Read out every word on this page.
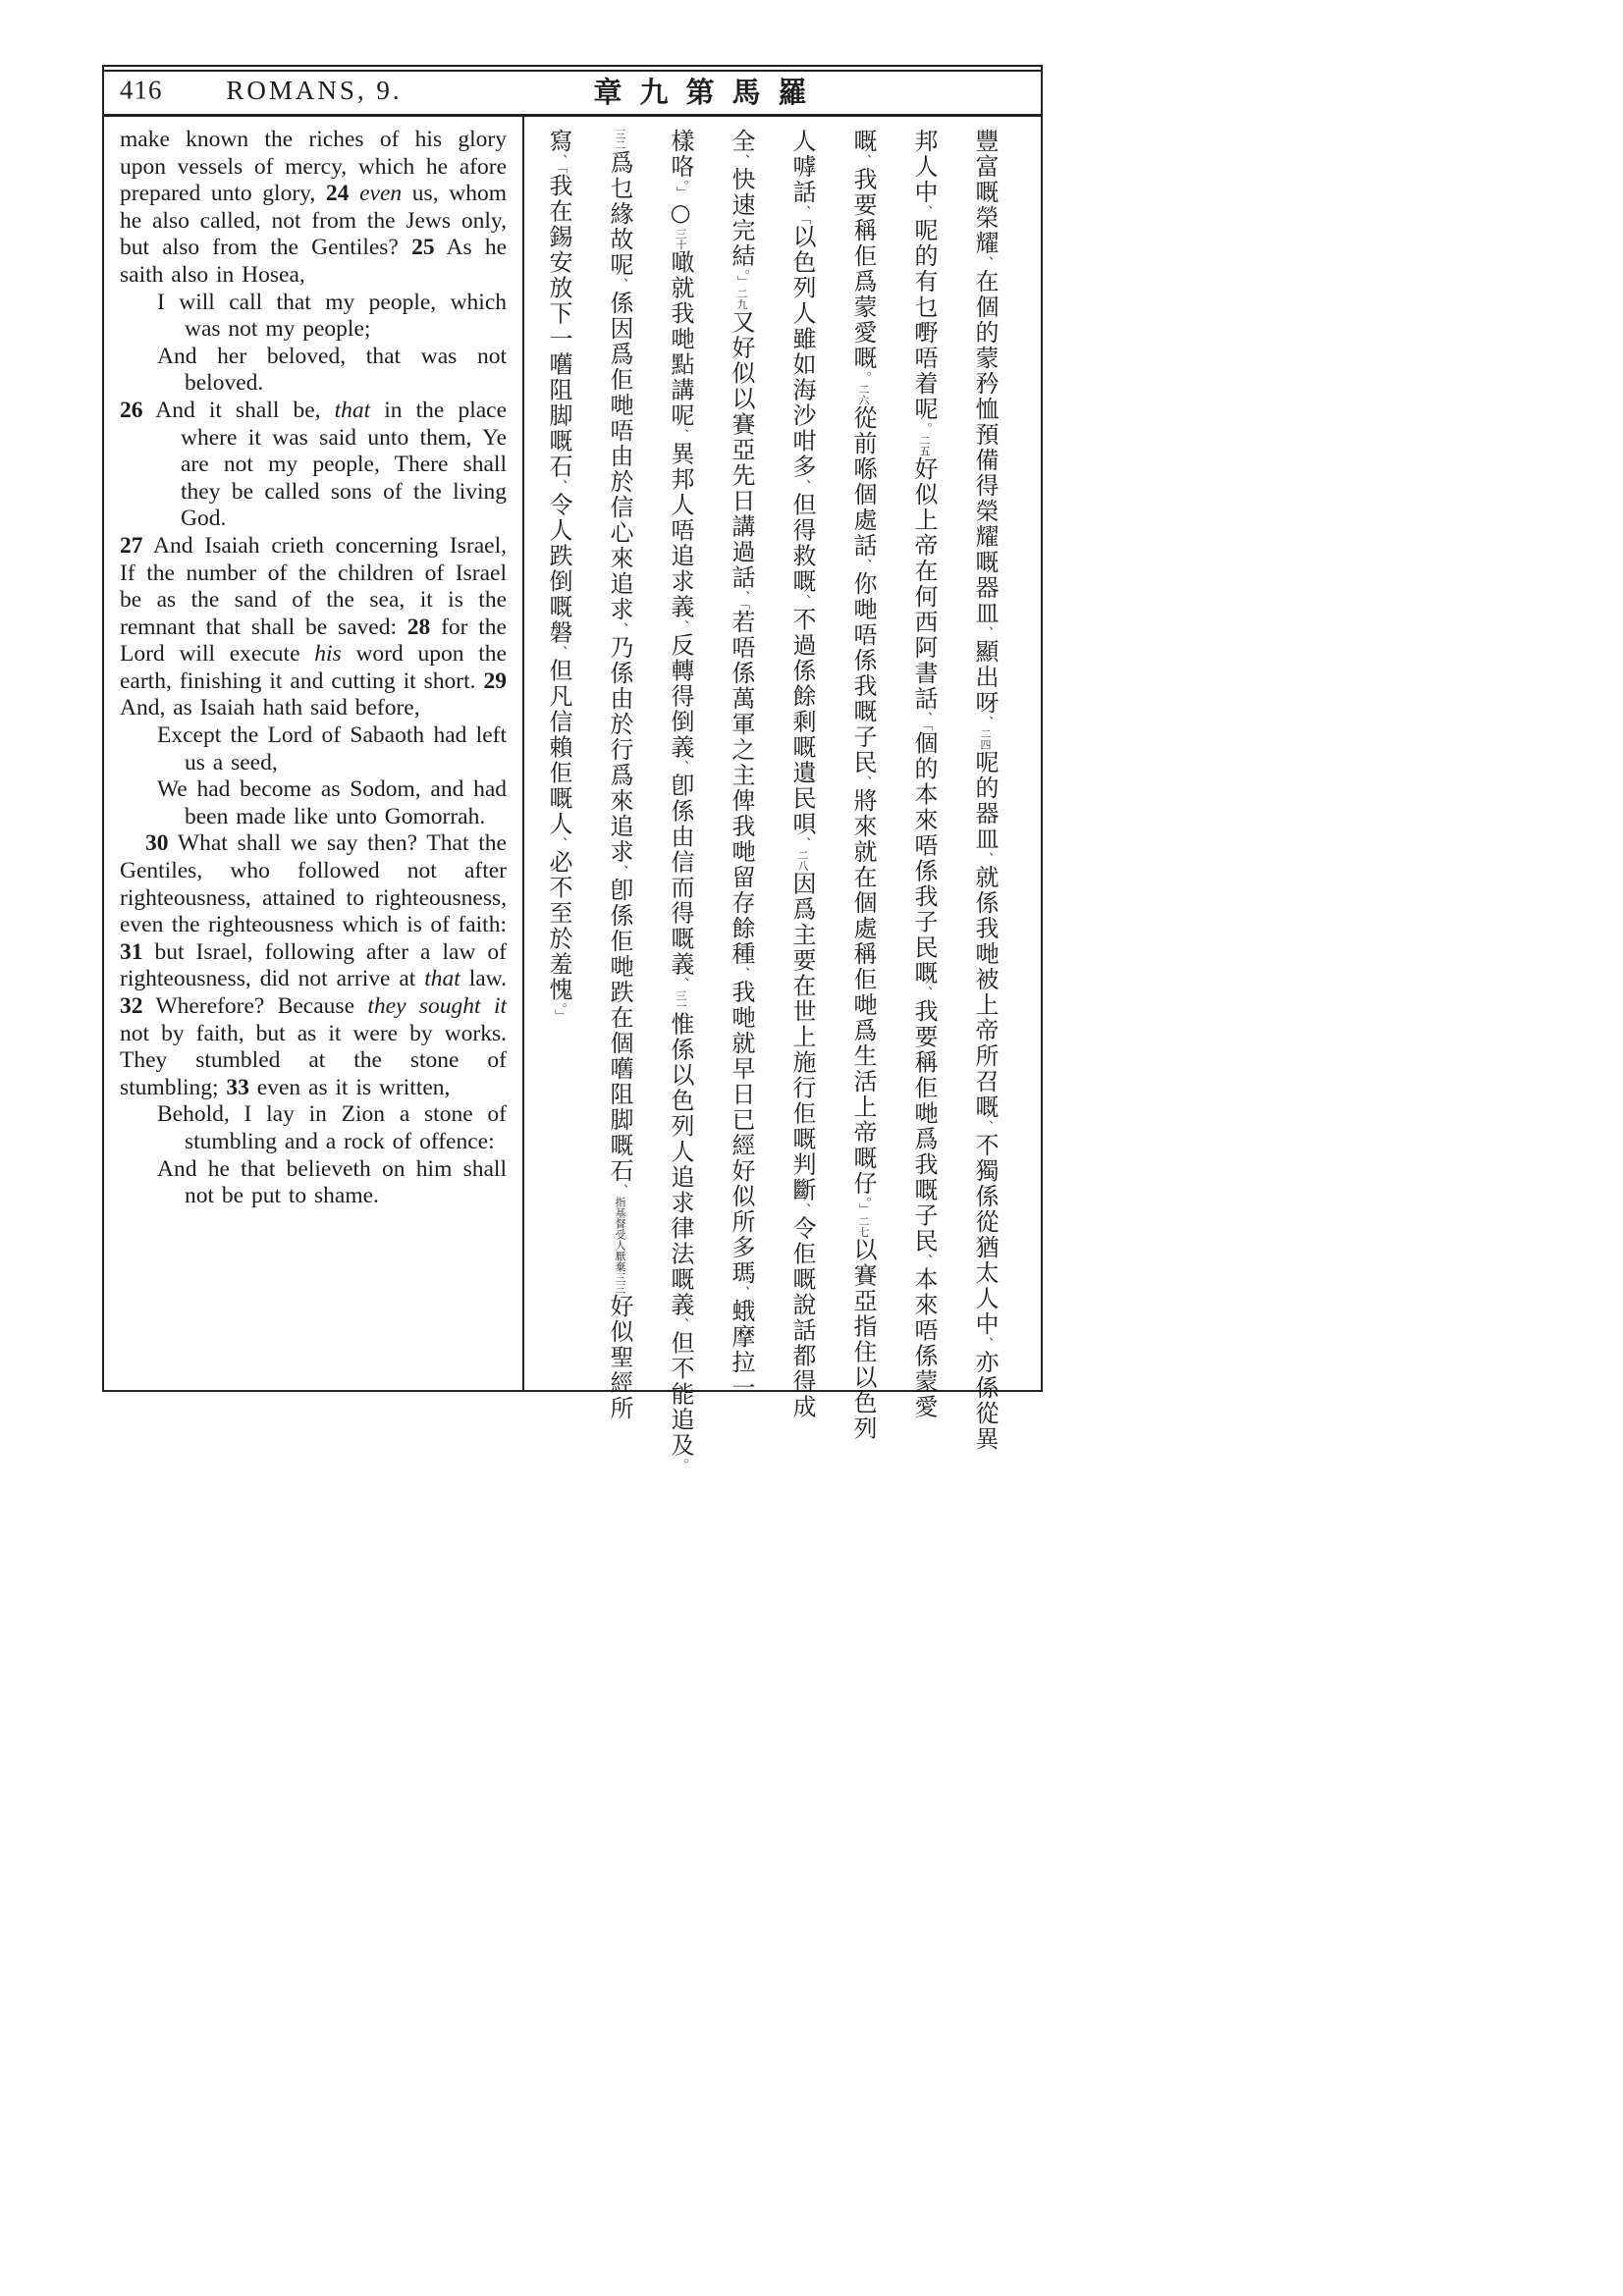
416 ROMANS, 9.	章九第馬羅

make known the riches of his glory upon vessels of mercy, which he afore prepared unto glory, 24 even us, whom he also called, not from the Jews only, but also from the Gentiles? 25 As he saith also in Hosea,

I will call that my people, which was not my people;

And her beloved, that was not beloved.

26 And it shall be, that in the place where it was said unto them, Ye are not my people, There shall they be called sons of the living God.

27 And Isaiah crieth concerning Israel, If the number of the children of Israel be as the sand of the sea, it is the remnant that shall be saved: 28 for the Lord will execute his word upon the earth, finishing it and cutting it short. 29 And, as Isaiah hath said before,

Except the Lord of Sabaoth had left us a seed,

We had become as Sodom, and had been made like unto Gomorrah.

30 What shall we say then? That the Gentiles, who followed not after righteousness, attained to righteousness, even the righteousness which is of faith: 31 but Israel, following after a law of righteousness, did not arrive at that law. 32 Wherefore? Because they sought it not by faith, but as it were by works. They stumbled at the stone of stumbling; 33 even as it is written,

Behold, I lay in Zion a stone of stumbling and a rock of offence:

And he that believeth on him shall not be put to shame.

豐富嘅榮耀、在個的蒙矜恤預備得榮耀嘅器皿、顯出呀、二四呢的器皿、就係我哋被上帝所召嘅、不獨係從猶太人中、亦係從異
邦人中、呢的有乜嘢唔着呢。二五好似上帝在何西阿書話、「個的本來唔係我子民嘅、我要稱佢哋爲我嘅子民、本來唔係蒙愛
嘅、我要稱佢爲蒙愛嘅。二六從前喺個處話、你哋唔係我嘅子民、將來就在個處稱佢哋爲生活上帝嘅仔。」二七以賽亞指住以色列
人嘑話、「以色列人雖如海沙咁多、但得救嘅、不過係餘剩嘅遺民唄、二八因爲主要在世上施行佢嘅判斷、令佢嘅說話都得成
全、快速完結。」二九又好似以賽亞先日講過話、「若唔係萬軍之主俾我哋留存餘種、我哋就早日已經好似所多瑪、蛾摩拉一
樣咯。」○三十噉就我哋點講呢、異邦人唔追求義、反轉得倒義、卽係由信而得嘅義、三一惟係以色列人追求律法嘅義、但不能追及。
三二爲乜緣故呢、係因爲佢哋唔由於信心來追求、乃係由於行爲來追求、卽係佢哋跌在個嚿阻脚嘅石、指基督受人厭棄三三好似聖經所
寫、「我在錫安放下一嚿阻脚嘅石、令人跌倒嘅磐、但凡信賴佢嘅人、必不至於羞愧。」
